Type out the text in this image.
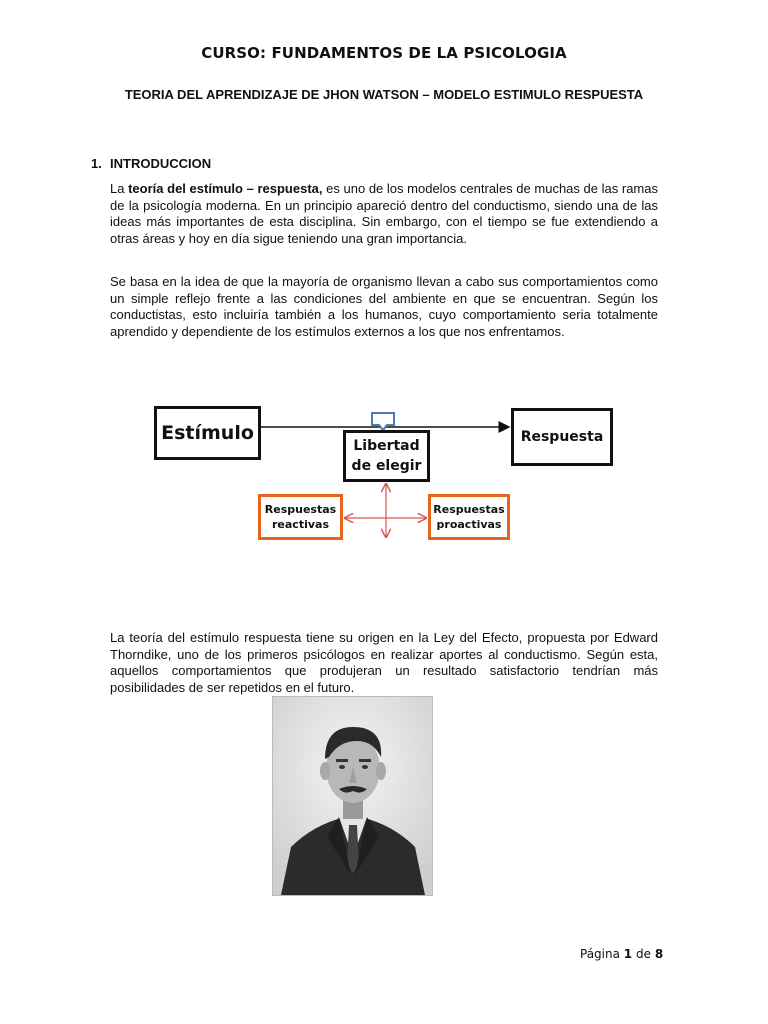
CURSO: FUNDAMENTOS DE LA PSICOLOGIA
TEORIA DEL APRENDIZAJE DE JHON WATSON – MODELO ESTIMULO RESPUESTA
1. INTRODUCCION

La teoría del estímulo – respuesta, es uno de los modelos centrales de muchas de las ramas de la psicología moderna. En un principio apareció dentro del conductismo, siendo una de las ideas más importantes de esta disciplina. Sin embargo, con el tiempo se fue extendiendo a otras áreas y hoy en día sigue teniendo una gran importancia.

Se basa en la idea de que la mayoría de organismo llevan a cabo sus comportamientos como un simple reflejo frente a las condiciones del ambiente en que se encuentran. Según los conductistas, esto incluiría también a los humanos, cuyo comportamiento seria totalmente aprendido y dependiente de los estímulos externos a los que nos enfrentamos.

Estímulo	Respuesta
Libertad de elegir
Respuestas reactivas
Respuestas proactivas

La teoría del estímulo respuesta tiene su origen en la Ley del Efecto, propuesta por Edward Thorndike, uno de los primeros psicólogos en realizar aportes al conductismo. Según esta, aquellos comportamientos que produjeran un resultado satisfactorio tendrían más posibilidades de ser repetidos en el futuro.

Página 1 de 8
